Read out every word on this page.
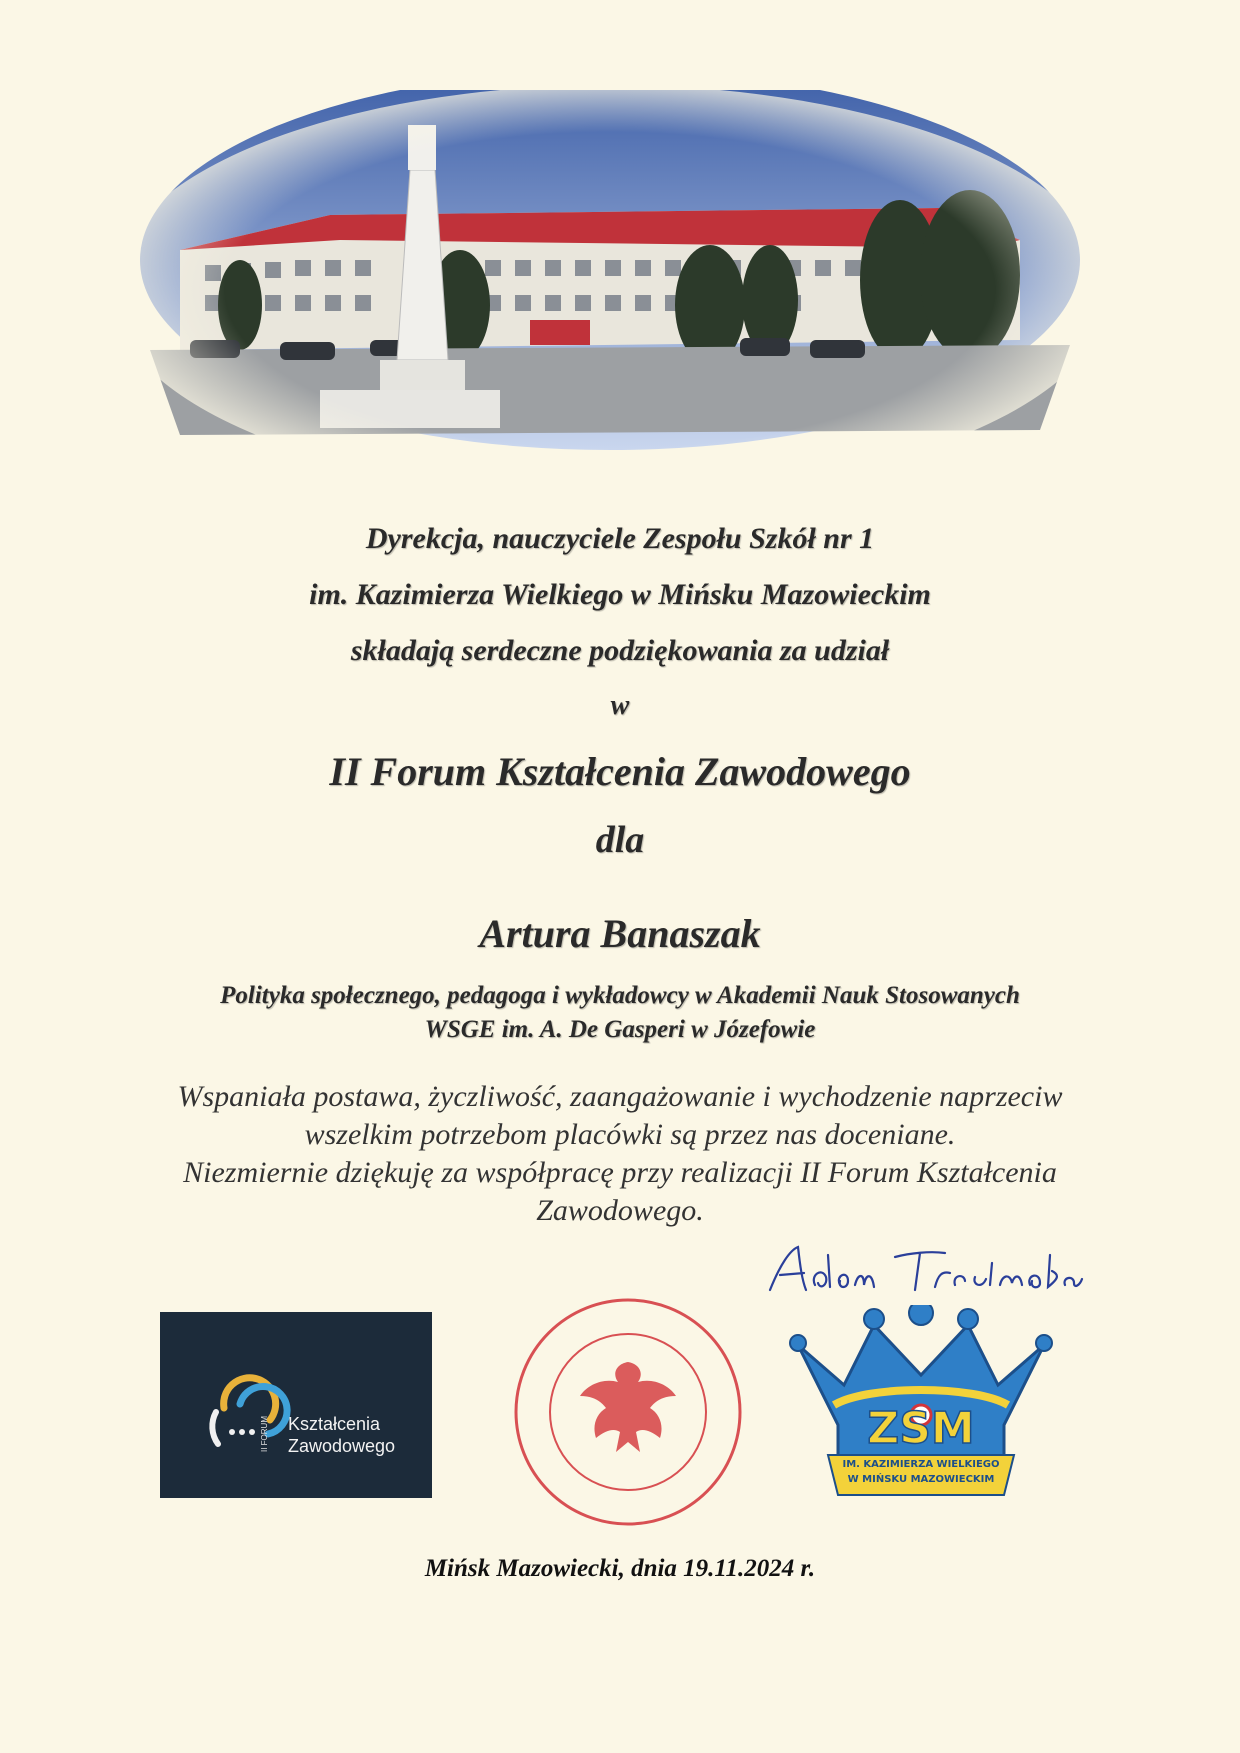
Dyrekcja, nauczyciele Zespołu Szkół nr 1
im. Kazimierza Wielkiego w Mińsku Mazowieckim
składają serdeczne podziękowania za udział
w
II Forum Kształcenia Zawodowego
dla
Artura Banaszak
Polityka społecznego, pedagoga i wykładowcy w Akademii Nauk Stosowanych
WSGE im. A. De Gasperi w Józefowie
Wspaniała postawa, życzliwość, zaangażowanie i wychodzenie naprzeciw
wszelkim potrzebom placówki są przez nas doceniane.
Niezmiernie dziękuję za współpracę przy realizacji II Forum Kształcenia
Zawodowego.
II FORUM Kształcenia
Zawodowego	ZSM
IM. KAZIMIERZA WIELKIEGO W MIŃSKU MAZOWIECKIM
Mińsk Mazowiecki, dnia 19.11.2024 r.
